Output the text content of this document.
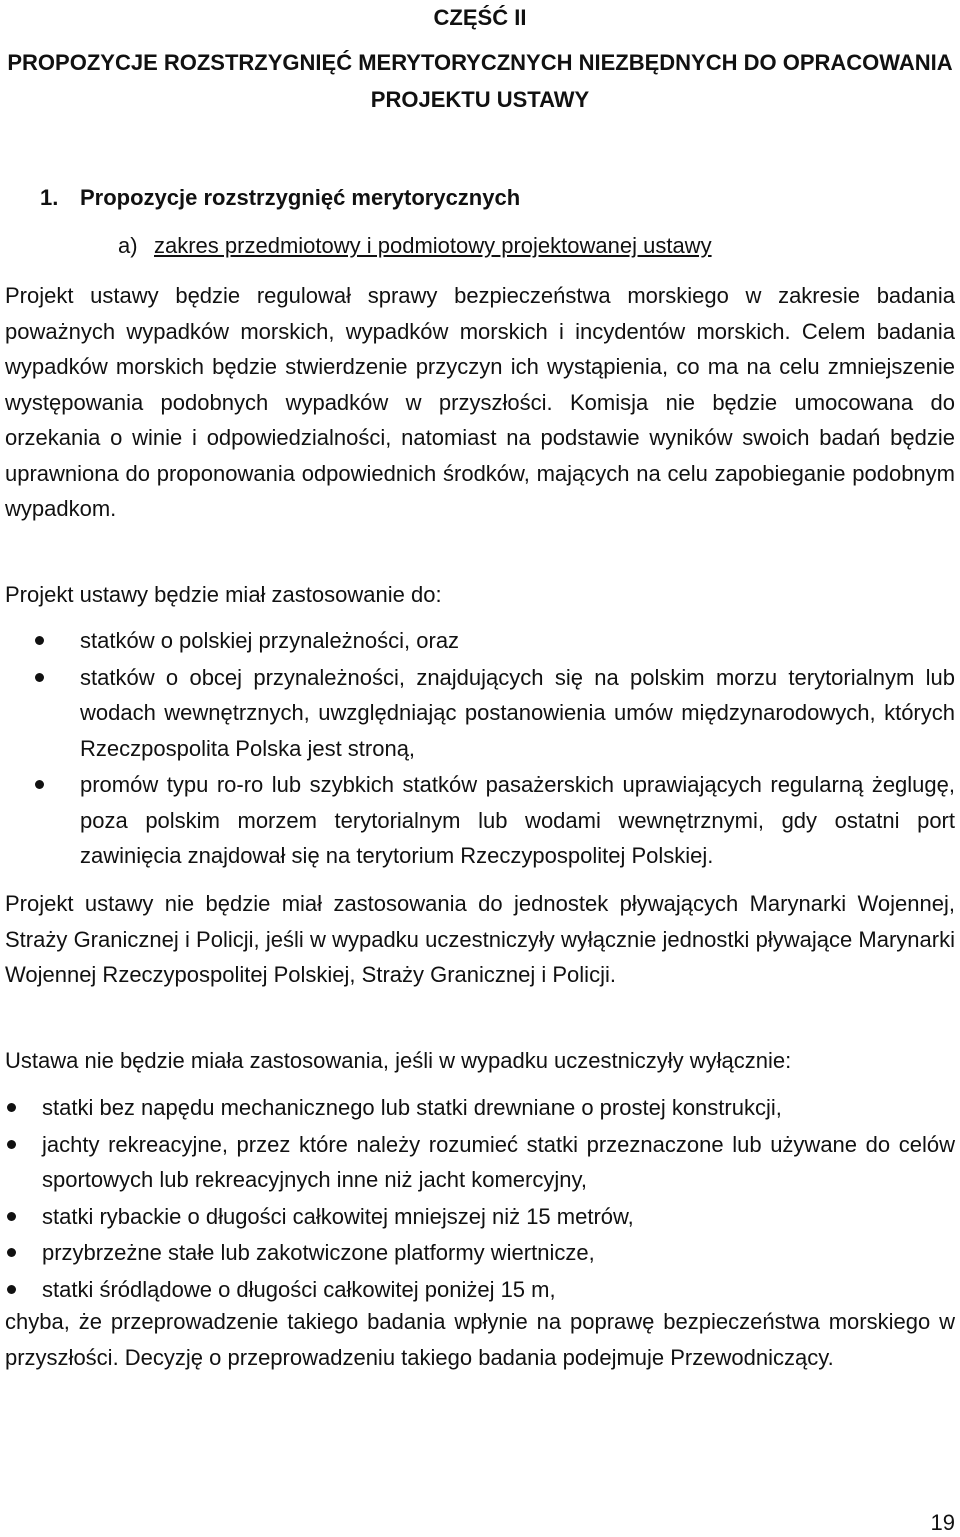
CZĘŚĆ II
PROPOZYCJE ROZSTRZYGNIĘĆ MERYTORYCZNYCH NIEZBĘDNYCH DO OPRACOWANIA PROJEKTU USTAWY

1. Propozycje rozstrzygnięć merytorycznych

a) zakres przedmiotowy i podmiotowy projektowanej ustawy

Projekt ustawy będzie regulował sprawy bezpieczeństwa morskiego w zakresie badania poważnych wypadków morskich, wypadków morskich i incydentów morskich. Celem badania wypadków morskich będzie stwierdzenie przyczyn ich wystąpienia, co ma na celu zmniejszenie występowania podobnych wypadków w przyszłości. Komisja nie będzie umocowana do orzekania o winie i odpowiedzialności, natomiast na podstawie wyników swoich badań będzie uprawniona do proponowania odpowiednich środków, mających na celu zapobieganie podobnym wypadkom.

Projekt ustawy będzie miał zastosowanie do:

statków o polskiej przynależności, oraz
statków o obcej przynależności, znajdujących się na polskim morzu terytorialnym lub wodach wewnętrznych, uwzględniając postanowienia umów międzynarodowych, których Rzeczpospolita Polska jest stroną,
promów typu ro-ro lub szybkich statków pasażerskich uprawiających regularną żeglugę, poza polskim morzem terytorialnym lub wodami wewnętrznymi, gdy ostatni port zawinięcia znajdował się na terytorium Rzeczypospolitej Polskiej.

Projekt ustawy nie będzie miał zastosowania do jednostek pływających Marynarki Wojennej, Straży Granicznej i Policji, jeśli w wypadku uczestniczyły wyłącznie jednostki pływające Marynarki Wojennej Rzeczypospolitej Polskiej, Straży Granicznej i Policji.

Ustawa nie będzie miała zastosowania, jeśli w wypadku uczestniczyły wyłącznie:

statki bez napędu mechanicznego lub statki drewniane o prostej konstrukcji,
jachty rekreacyjne, przez które należy rozumieć statki przeznaczone lub używane do celów sportowych lub rekreacyjnych inne niż jacht komercyjny,
statki rybackie o długości całkowitej mniejszej niż 15 metrów,
przybrzeżne stałe lub zakotwiczone platformy wiertnicze,
statki śródlądowe o długości całkowitej poniżej 15 m,

chyba, że przeprowadzenie takiego badania wpłynie na poprawę bezpieczeństwa morskiego w przyszłości. Decyzję o przeprowadzeniu takiego badania podejmuje Przewodniczący.

19
